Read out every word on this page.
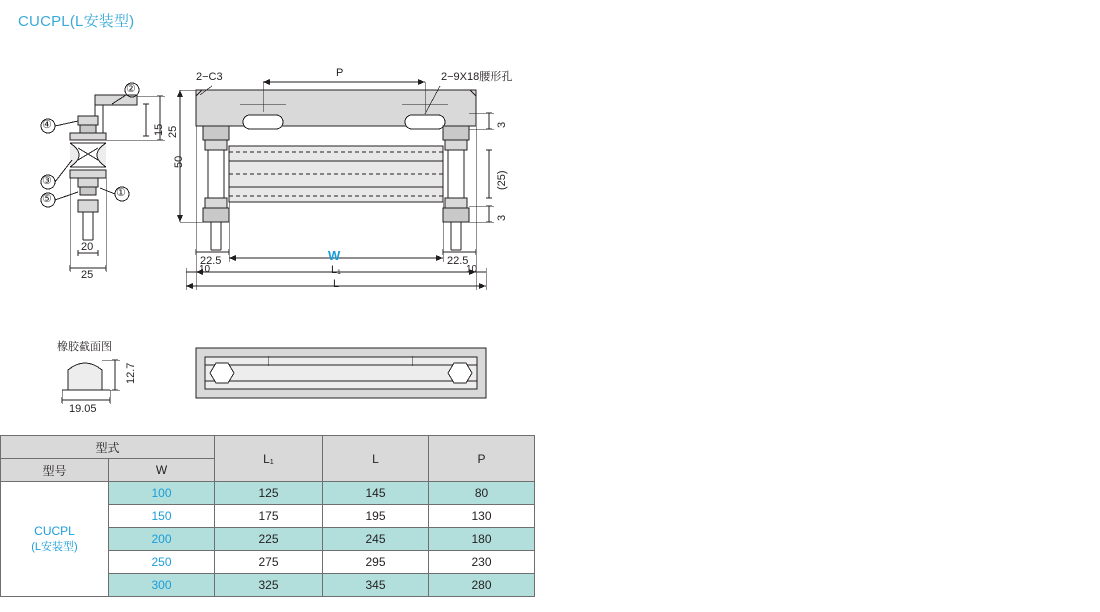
CUCPL(L安装型)
②
④
③
⑤	①
15 25
20
25
2−C3	P	2−9X18腰形孔
50
3
(25)
3
22.5	22.5
W
L₁
L
10	10
橡胶截面图
12.7
19.05
型式		L₁	L	P
型号	W			
CUCPL
(L安装型)	100	125	145	80
	150	175	195	130
	200	225	245	180
	250	275	295	230
	300	325	345	280
